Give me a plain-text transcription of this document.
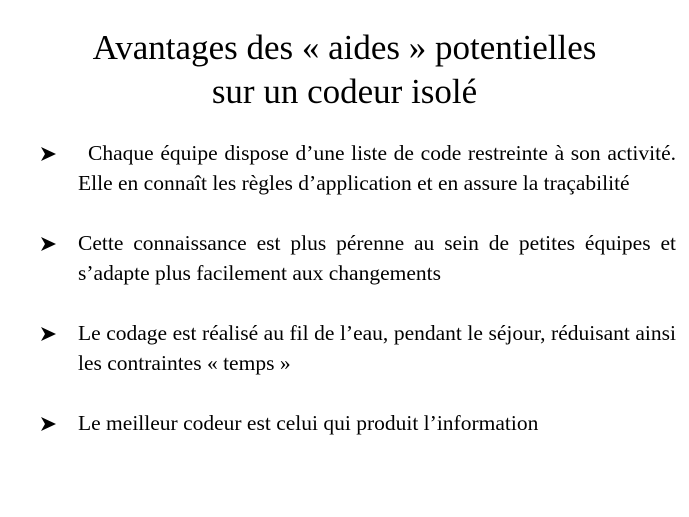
Avantages des « aides » potentielles
sur un codeur isolé
Chaque équipe dispose d’une liste de code restreinte à son activité. Elle en connaît les règles d’application et en assure la traçabilité
Cette connaissance est plus pérenne au sein de petites équipes et s’adapte plus facilement aux changements
Le codage est réalisé au fil de l’eau, pendant le séjour, réduisant ainsi les contraintes « temps »
Le meilleur codeur est celui qui produit l’information
